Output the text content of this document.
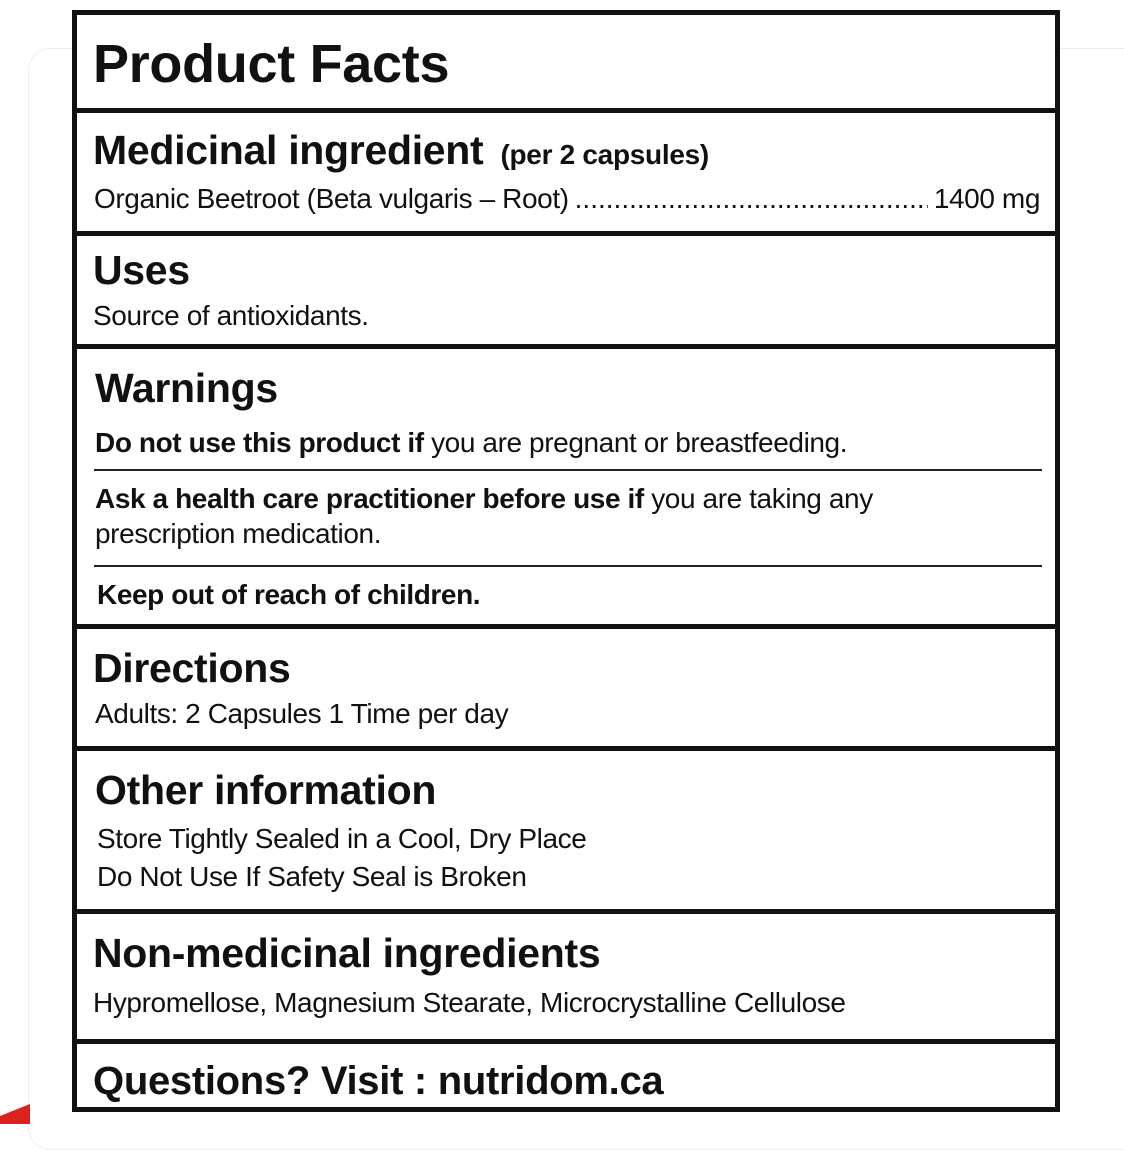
Product Facts
Medicinal ingredient (per 2 capsules)
Organic Beetroot (Beta vulgaris – Root)
.....	1400 mg
Uses
Source of antioxidants.
Warnings
Do not use this product if you are pregnant or breastfeeding.
Ask a health care practitioner before use if you are taking any
prescription medication.
Keep out of reach of children.
Directions
Adults: 2 Capsules 1 Time per day
Other information
Store Tightly Sealed in a Cool, Dry Place
Do Not Use If Safety Seal is Broken
Non-medicinal ingredients
Hypromellose, Magnesium Stearate, Microcrystalline Cellulose
Questions? Visit : nutridom.ca
